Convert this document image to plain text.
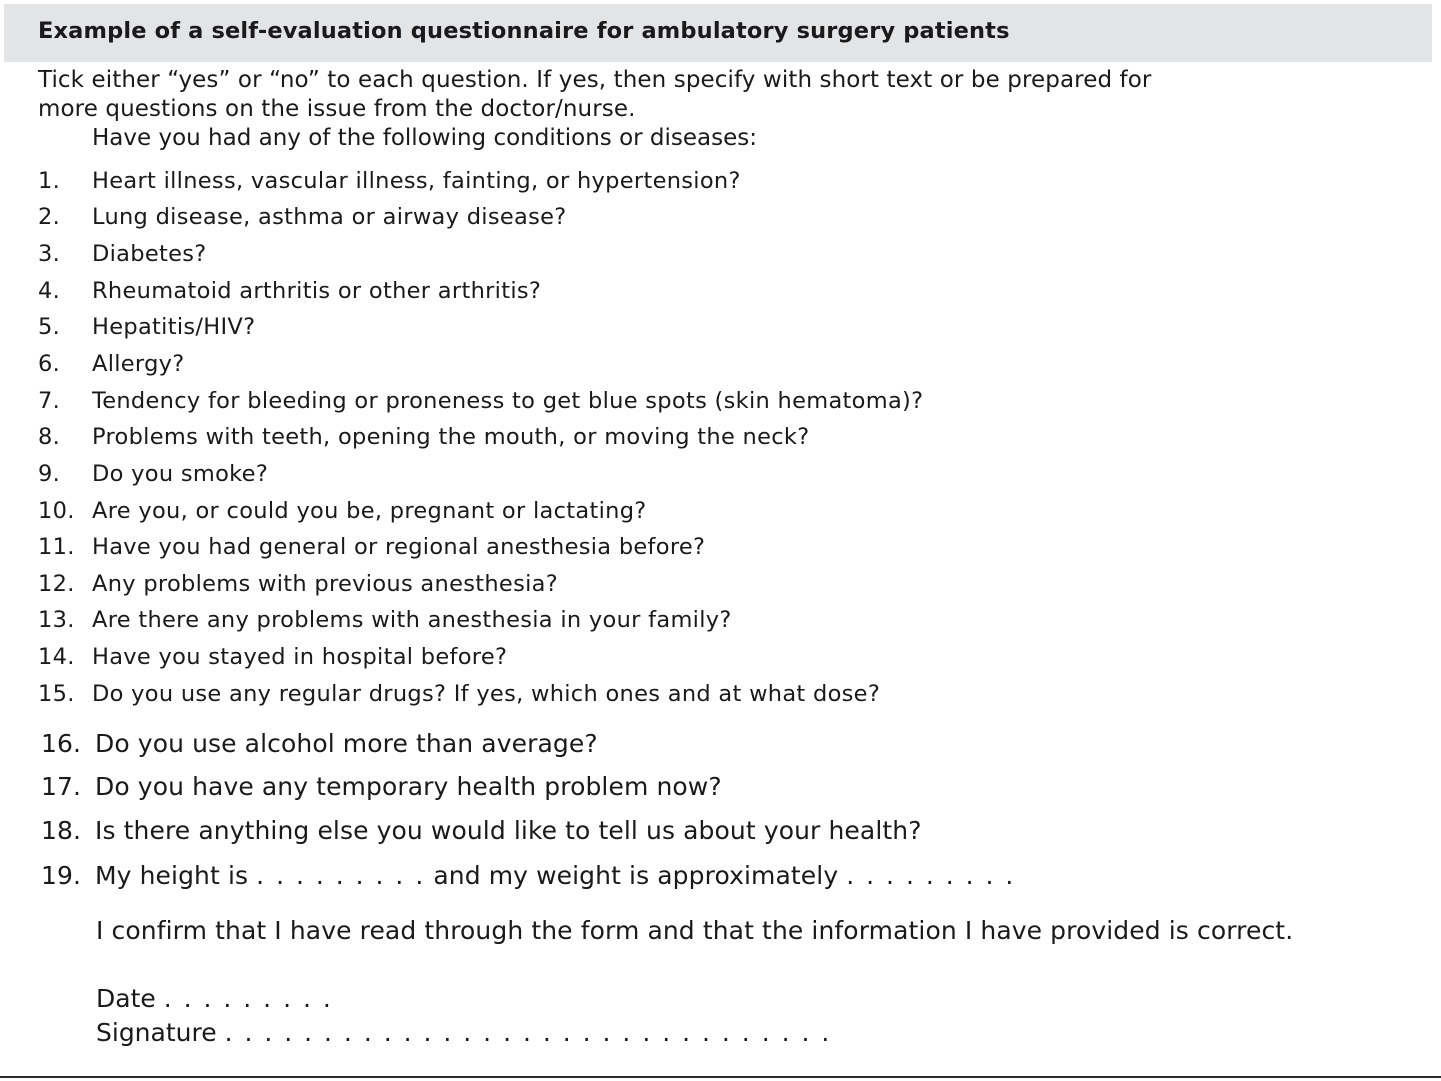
Example of a self-evaluation questionnaire for ambulatory surgery patients

Tick either “yes” or “no” to each question. If yes, then specify with short text or be prepared for
more questions on the issue from the doctor/nurse.

Have you had any of the following conditions or diseases:

1. Heart illness, vascular illness, fainting, or hypertension?
2. Lung disease, asthma or airway disease?
3. Diabetes?
4. Rheumatoid arthritis or other arthritis?
5. Hepatitis/HIV?
6. Allergy?
7. Tendency for bleeding or proneness to get blue spots (skin hematoma)?
8. Problems with teeth, opening the mouth, or moving the neck?
9. Do you smoke?
10. Are you, or could you be, pregnant or lactating?
11. Have you had general or regional anesthesia before?
12. Any problems with previous anesthesia?
13. Are there any problems with anesthesia in your family?
14. Have you stayed in hospital before?
15. Do you use any regular drugs? If yes, which ones and at what dose?
16. Do you use alcohol more than average?
17. Do you have any temporary health problem now?
18. Is there anything else you would like to tell us about your health?
19. My height is . . . . . . . . . and my weight is approximately . . . . . . . . .

I confirm that I have read through the form and that the information I have provided is correct.

Date . . . . . . . . .
Signature . . . . . . . . . . . . . . . . . . . . . . . . . . . . . . .
